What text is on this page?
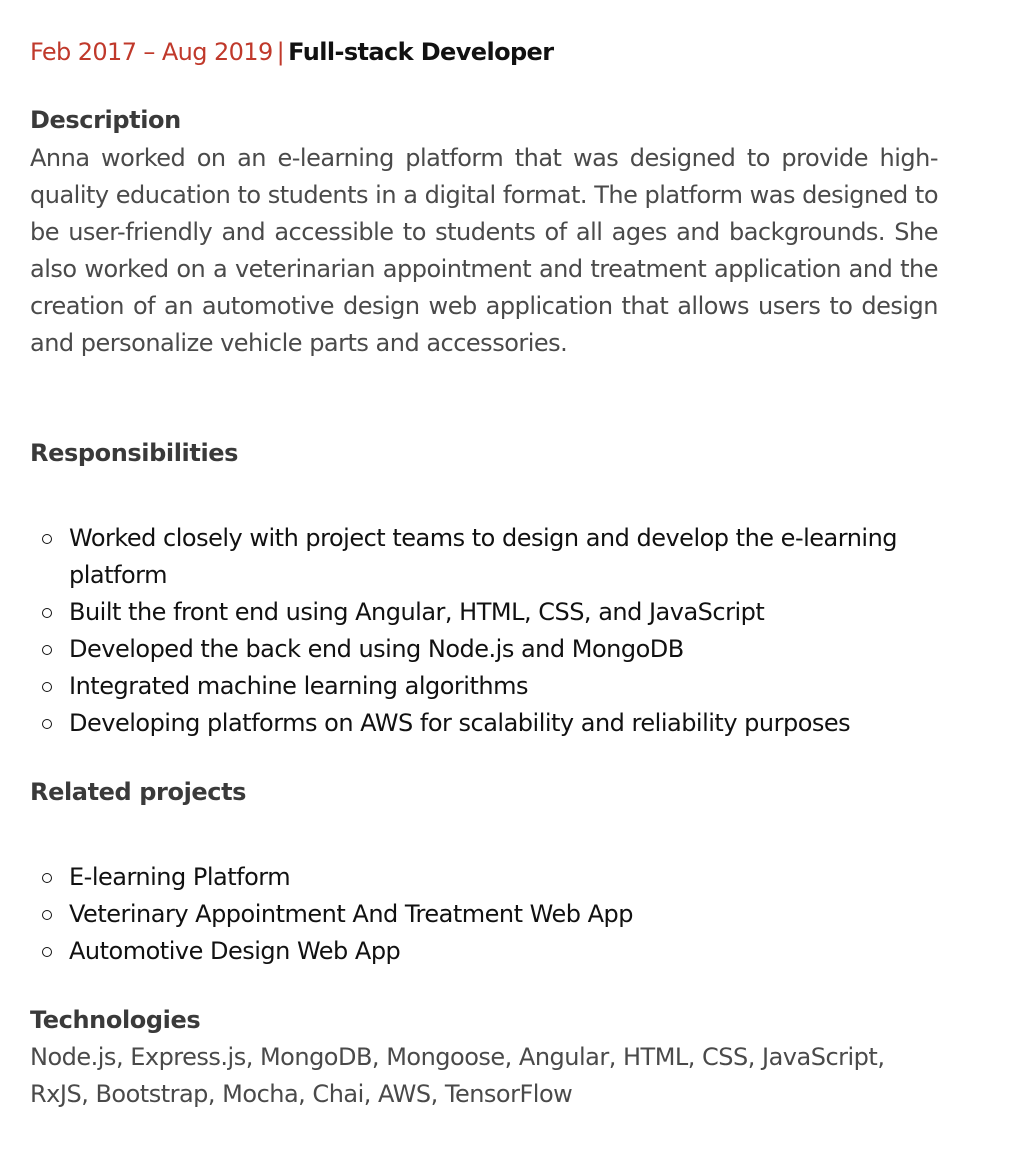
Feb 2017 – Aug 2019 | Full-stack Developer
Description
Anna worked on an e-learning platform that was designed to provide high-quality education to students in a digital format. The platform was designed to be user-friendly and accessible to students of all ages and backgrounds. She also worked on a veterinarian appointment and treatment application and the creation of an automotive design web application that allows users to design and personalize vehicle parts and accessories.
Responsibilities
Worked closely with project teams to design and develop the e-learning platform
Built the front end using Angular, HTML, CSS, and JavaScript
Developed the back end using Node.js and MongoDB
Integrated machine learning algorithms
Developing platforms on AWS for scalability and reliability purposes
Related projects
E-learning Platform
Veterinary Appointment And Treatment Web App
Automotive Design Web App
Technologies
Node.js, Express.js, MongoDB, Mongoose, Angular, HTML, CSS, JavaScript, RxJS, Bootstrap, Mocha, Chai, AWS, TensorFlow
